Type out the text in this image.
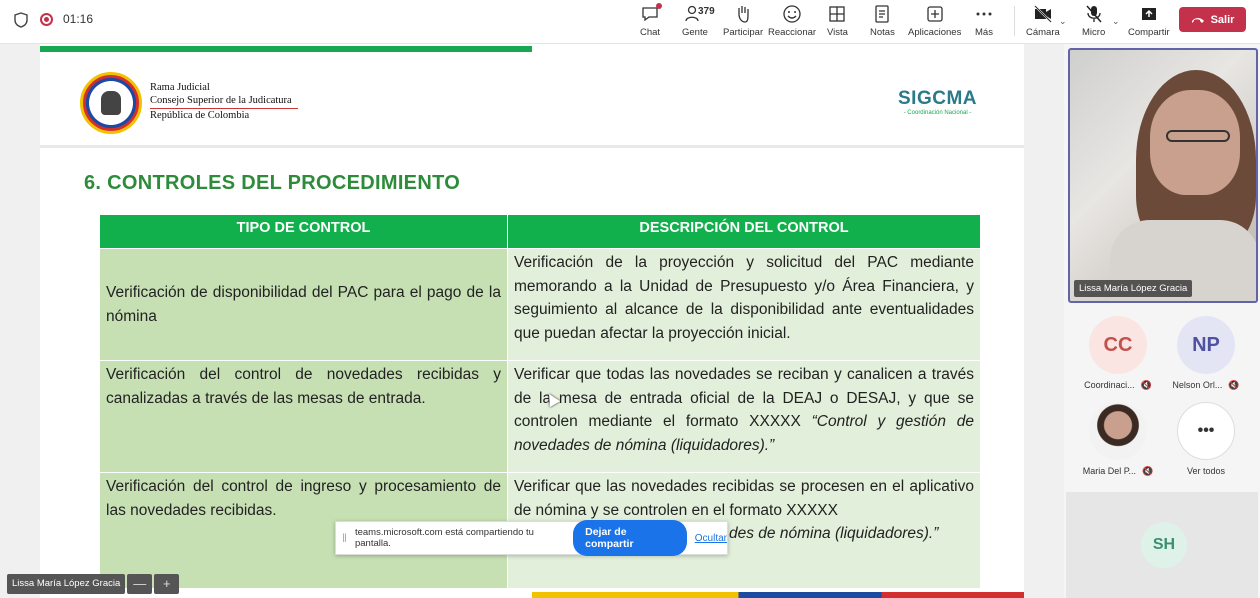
01:16
Chat Gente
379
Participar Reaccionar Vista Notas Aplicaciones Más	Cámara
⌄
Micro
⌄
Compartir
Salir
Rama Judicial
Consejo Superior de la Judicatura
República de Colombia
SIGCMA
- Coordinación Nacional -
6. CONTROLES DEL PROCEDIMIENTO
TIPO DE CONTROL	DESCRIPCIÓN DEL CONTROL
Verificación de disponibilidad del PAC para el pago de la nómina	Verificación de la proyección y solicitud del PAC mediante memorando a la Unidad de Presupuesto y/o Área Financiera, y seguimiento al alcance de la disponibilidad ante eventualidades que puedan afectar la proyección inicial.
Verificación del control de novedades recibidas y canalizadas a través de las mesas de entrada.	Verificar que todas las novedades se reciban y canalicen a través de la mesa de entrada oficial de la DEAJ o DESAJ, y que se controlen mediante el formato XXXXX “Control y gestión de novedades de nómina (liquidadores).”
Verificación del control de ingreso y procesamiento de las novedades recibidas.	Verificar que las novedades recibidas se procesen en el aplicativo de nómina y se controlen en el formato XXXXX
des de nómina (liquidadores).”
‖ teams.microsoft.com está compartiendo tu pantalla.
Dejar de compartir	Ocultar
Lissa María López Gracia	—	+
Lissa María López Gracia
CC
Coordinaci... 🔇
NP
Nelson Orl... 🔇
Maria Del P... 🔇
•••
Ver todos
SH
